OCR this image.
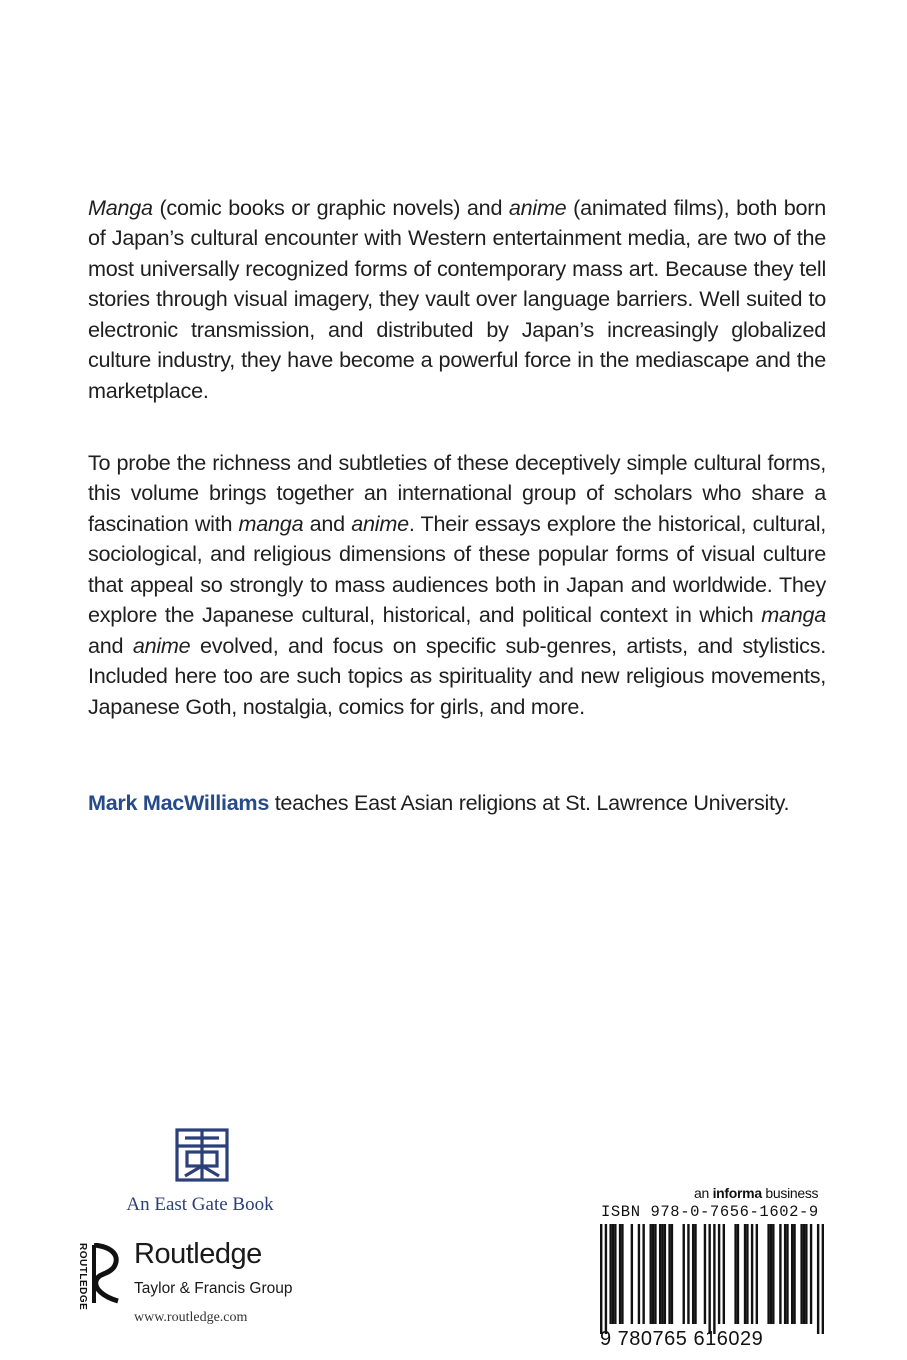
Manga (comic books or graphic novels) and anime (animated films), both born of Japan’s cultural encounter with Western entertainment media, are two of the most universally recognized forms of contemporary mass art. Because they tell stories through visual imagery, they vault over language barriers. Well suited to electronic transmission, and distributed by Japan’s increasingly globalized culture industry, they have become a powerful force in the mediascape and the marketplace.

To probe the richness and subtleties of these deceptively simple cultural forms, this volume brings together an international group of scholars who share a fascination with manga and anime. Their essays explore the historical, cultural, sociological, and religious dimensions of these popular forms of visual culture that appeal so strongly to mass audiences both in Japan and worldwide. They explore the Japanese cultural, historical, and political context in which manga and anime evolved, and focus on specific sub-genres, artists, and stylistics. Included here too are such topics as spirituality and new religious movements, Japanese Goth, nostalgia, comics for girls, and more.

Mark MacWilliams teaches East Asian religions at St. Lawrence University.
An East Gate Book
ROUTLEDGE Routledge
Taylor & Francis Group
www.routledge.com
an informa business
ISBN 978-0-7656-1602-9
9 780765 616029
